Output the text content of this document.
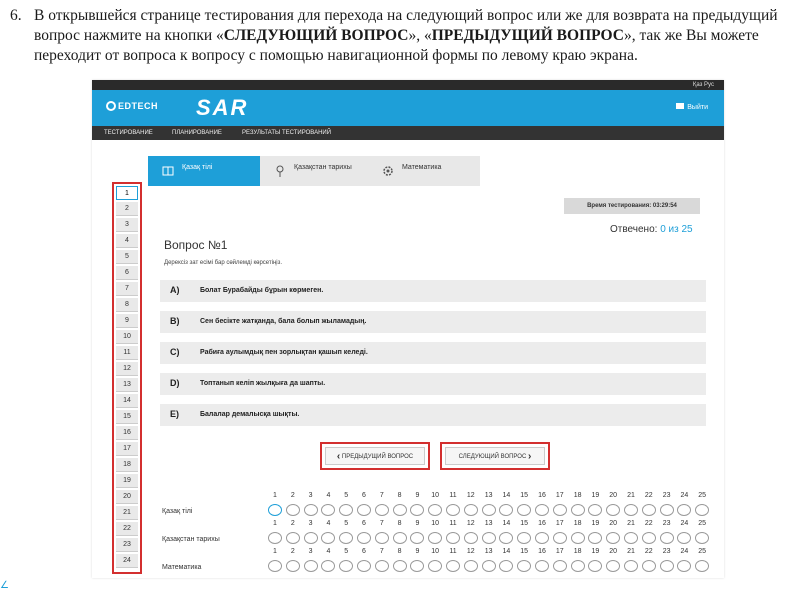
6. В открывшейся странице тестирования для перехода на следующий вопрос или же для возврата на предыдущий
вопрос нажмите на кнопки «СЛЕДУЮЩИЙ ВОПРОС», «ПРЕДЫДУЩИЙ ВОПРОС», так же Вы можете
переходит от вопроса к вопросу с помощью навигационной формы по левому краю экрана.
Қаз Рус
EDTECH SAR	Выйти
ТЕСТИРОВАНИЕ	ПЛАНИРОВАНИЕ	РЕЗУЛЬТАТЫ ТЕСТИРОВАНИЙ
Қазақ тілі	Қазақстан тарихы	Математика
1
2
3
4
5
6
7
8
9
10
11
12
13
14
15
16
17
18
19
20
21
22
23
24
Время тестирования: 03:29:54
Отвечено: 0 из 25
Вопрос №1
Дерексіз зат есімі бар сөйлемді көрсетіңіз.
A)	Болат Бурабайды бұрын көрмеген.
B)	Сен бесікте жатқанда, бала болып жыламадың.
C)	Рабиға аулымдық пен зорлықтан қашып келеді.
D)	Топтанып келіп жылқыға да шапты.
E)	Балалар демалысқа шықты.
‹ ПРЕДЫДУЩИЙ ВОПРОС	СЛЕДУЮЩИЙ ВОПРОС ›
Қазақ тілі
1	2	3	4	5	6	7	8	9	10	11	12	13	14	15	16	17	18	19	20	21	22	23	24	25
Қазақстан тарихы
1	2	3	4	5	6	7	8	9	10	11	12	13	14	15	16	17	18	19	20	21	22	23	24	25
Математика
1	2	3	4	5	6	7	8	9	10	11	12	13	14	15	16	17	18	19	20	21	22	23	24	25
∠
